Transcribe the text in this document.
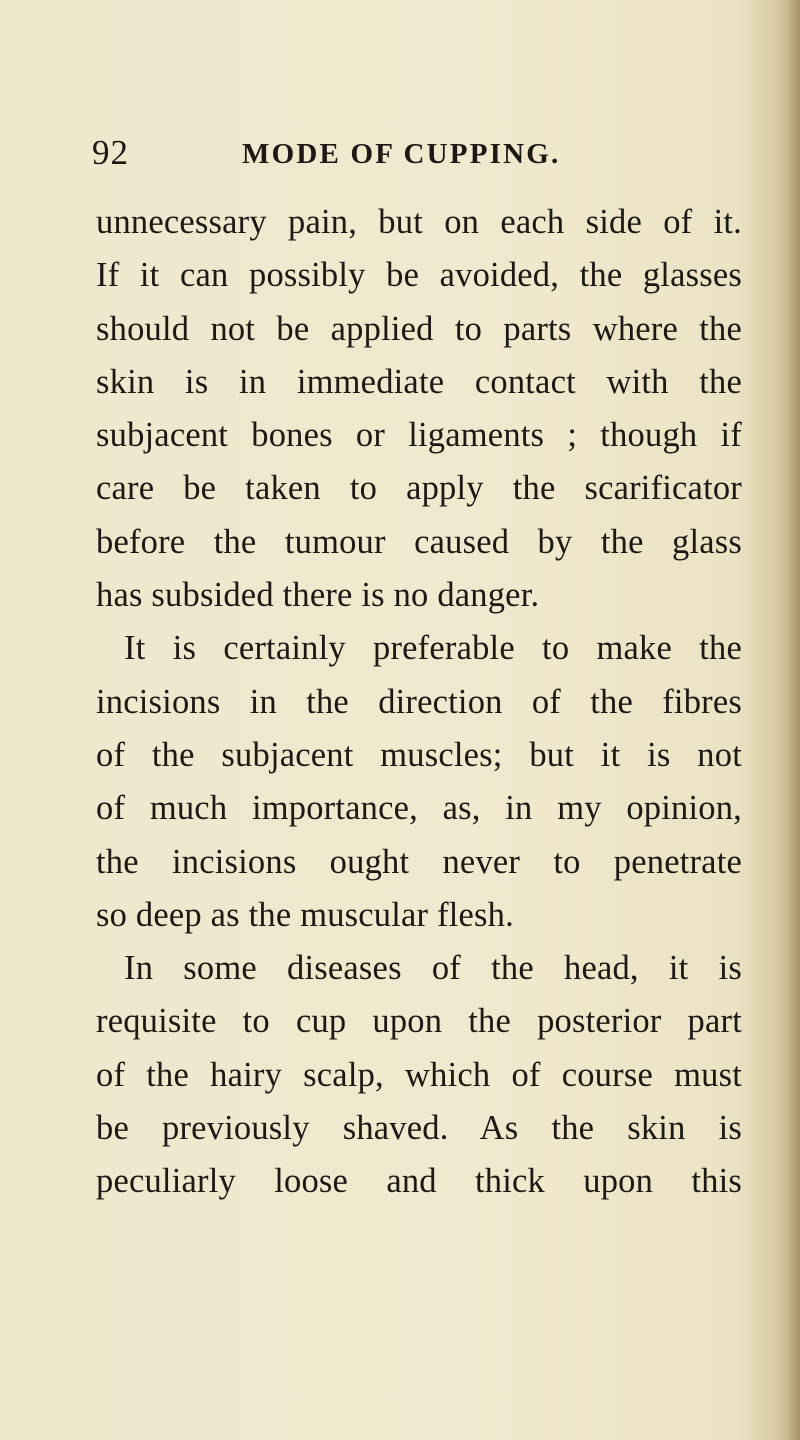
92	MODE OF CUPPING.
unnecessary pain, but on each side of it.
If it can possibly be avoided, the glasses
should not be applied to parts where the
skin is in immediate contact with the
subjacent bones or ligaments ; though if
care be taken to apply the scarificator
before the tumour caused by the glass
has subsided there is no danger.
It is certainly preferable to make the
incisions in the direction of the fibres
of the subjacent muscles; but it is not
of much importance, as, in my opinion,
the incisions ought never to penetrate
so deep as the muscular flesh.
In some diseases of the head, it is
requisite to cup upon the posterior part
of the hairy scalp, which of course must
be previously shaved. As the skin is
peculiarly loose and thick upon this
